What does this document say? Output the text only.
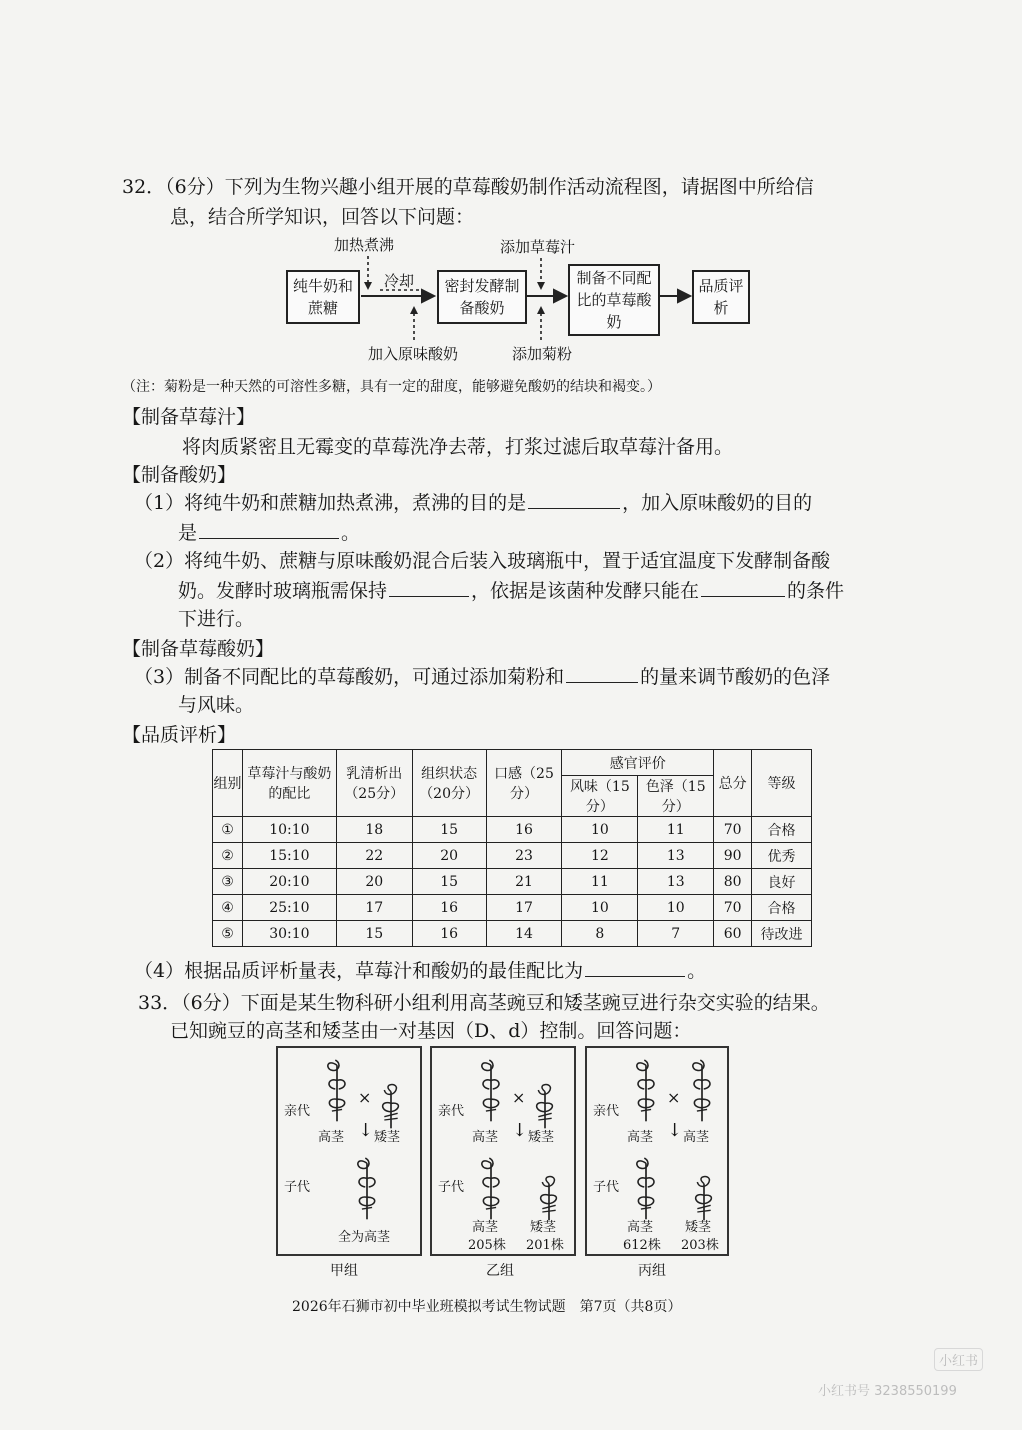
32．（6分）下列为生物兴趣小组开展的草莓酸奶制作活动流程图，请据图中所给信
息，结合所学知识，回答以下问题：
纯牛奶和蔗糖
密封发酵制备酸奶
制备不同配比的草莓酸奶
品质评析
加热煮沸
冷却
添加草莓汁
加入原味酸奶	添加菊粉
（注：菊粉是一种天然的可溶性多糖，具有一定的甜度，能够避免酸奶的结块和褐变。）
【制备草莓汁】
将肉质紧密且无霉变的草莓洗净去蒂，打浆过滤后取草莓汁备用。
【制备酸奶】
（1）将纯牛奶和蔗糖加热煮沸，煮沸的目的是	，加入原味酸奶的目的
是	。
（2）将纯牛奶、蔗糖与原味酸奶混合后装入玻璃瓶中，置于适宜温度下发酵制备酸
奶。发酵时玻璃瓶需保持	，依据是该菌种发酵只能在	的条件
下进行。
【制备草莓酸奶】
（3）制备不同配比的草莓酸奶，可通过添加菊粉和	的量来调节酸奶的色泽
与风味。
【品质评析】
组别	草莓汁与酸奶的配比	乳清析出（25分）	组织状态（20分）	口感（25分）	感官评价		总分	等级
					风味（15分）	色泽（15分）		
①	10:10	18	15	16	10	11	70	合格
②	15:10	22	20	23	12	13	90	优秀
③	20:10	20	15	21	11	13	80	良好
④	25:10	17	16	17	10	10	70	合格
⑤	30:10	15	16	14	8	7	60	待改进
（4）根据品质评析量表，草莓汁和酸奶的最佳配比为	。
33．（6分）下面是某生物科研小组利用高茎豌豆和矮茎豌豆进行杂交实验的结果。
已知豌豆的高茎和矮茎由一对基因（D、d）控制。回答问题：
亲代
×
高茎 ↓ 矮茎
子代
全为高茎
亲代
×
高茎 ↓ 矮茎
子代
高茎
205株
矮茎
201株
亲代
×
高茎 ↓ 高茎
子代
高茎
612株
矮茎
203株
甲组	乙组	丙组
2026年石狮市初中毕业班模拟考试生物试题　第7页（共8页）
小红书
小红书号 3238550199
